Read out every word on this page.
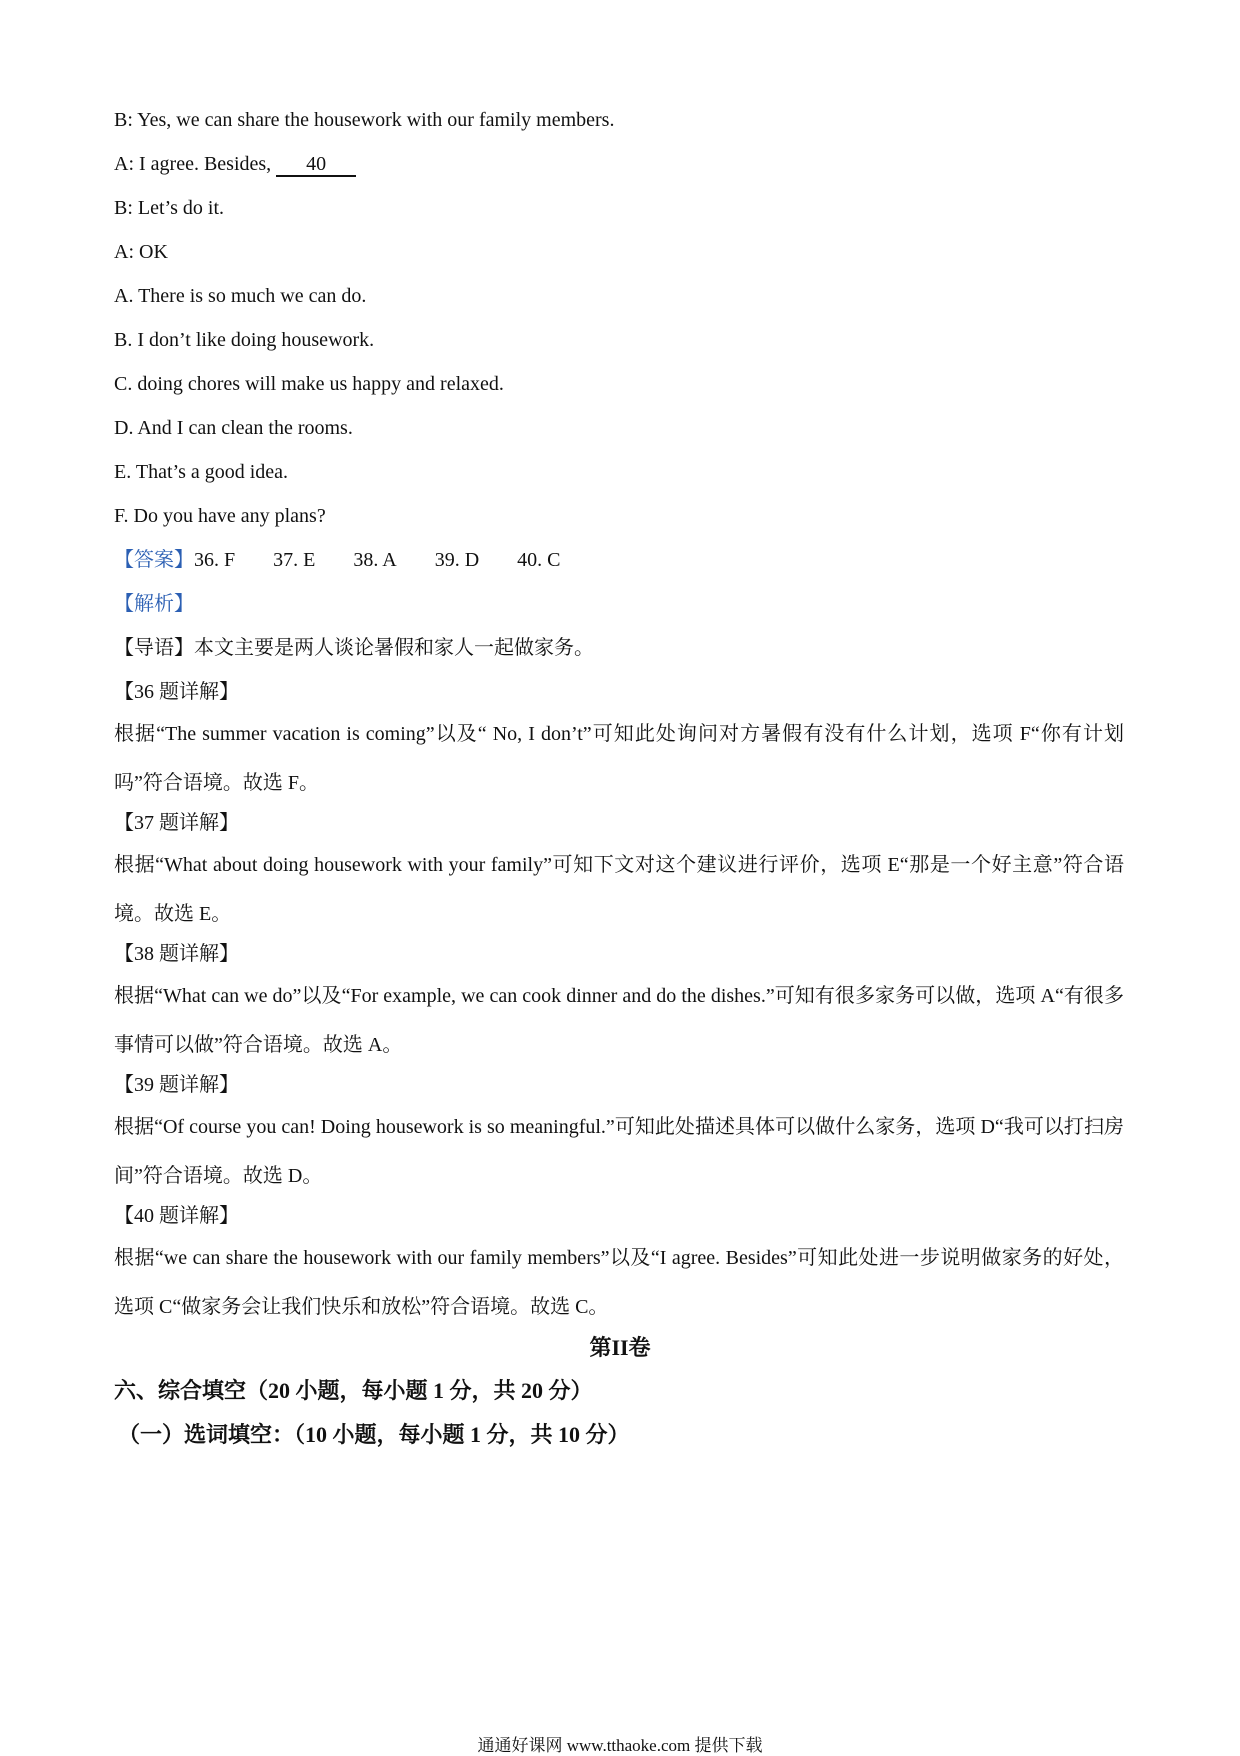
B: Yes, we can share the housework with our family members.
A: I agree. Besides, 40
B: Let’s do it.
A: OK
A. There is so much we can do.
B. I don’t like doing housework.
C. doing chores will make us happy and relaxed.
D. And I can clean the rooms.
E. That’s a good idea.
F. Do you have any plans?
【答案】36. F 37. E 38. A 39. D 40. C
【解析】
【导语】本文主要是两人谈论暑假和家人一起做家务。
【36 题详解】
根据“The summer vacation is coming”以及“ No, I don’t”可知此处询问对方暑假有没有什么计划，选项 F“你有计划吗”符合语境。故选 F。
【37 题详解】
根据“What about doing housework with your family”可知下文对这个建议进行评价，选项 E“那是一个好主意”符合语境。故选 E。
【38 题详解】
根据“What can we do”以及“For example, we can cook dinner and do the dishes.”可知有很多家务可以做，选项 A“有很多事情可以做”符合语境。故选 A。
【39 题详解】
根据“Of course you can! Doing housework is so meaningful.”可知此处描述具体可以做什么家务，选项 D“我可以打扫房间”符合语境。故选 D。
【40 题详解】
根据“we can share the housework with our family members”以及“I agree. Besides”可知此处进一步说明做家务的好处，选项 C“做家务会让我们快乐和放松”符合语境。故选 C。
第II卷
六、综合填空（20 小题，每小题 1 分，共 20 分）
（一）选词填空：（10 小题，每小题 1 分，共 10 分）
通通好课网 www.tthaoke.com 提供下载
